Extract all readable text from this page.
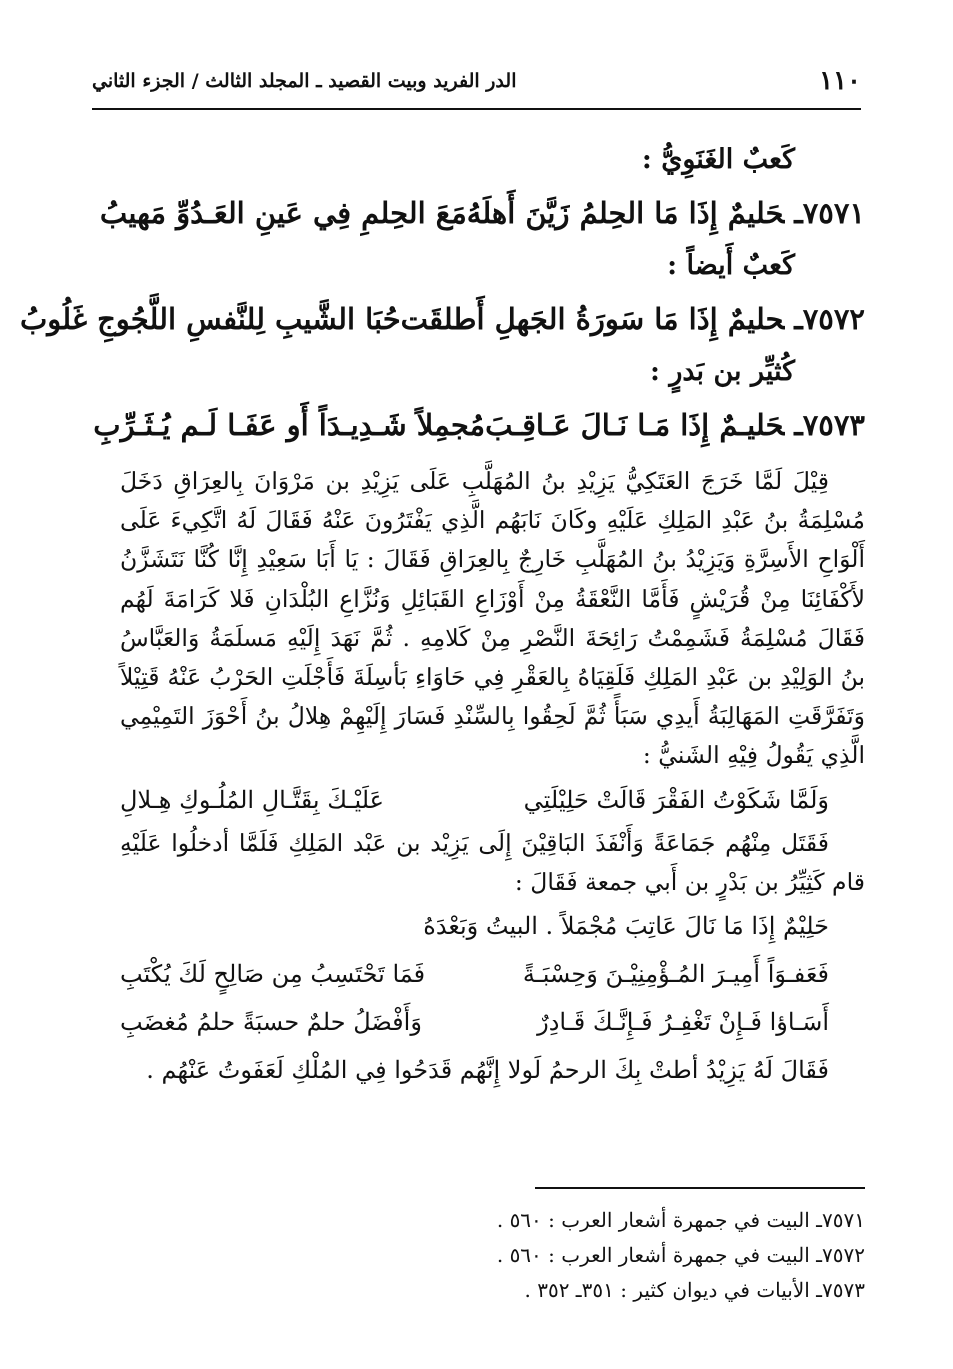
١١٠
الدر الفريد وبيت القصيد ـ المجلد الثالث / الجزء الثاني
كَعبٌ الغَنَوِيُّ :
٧٥٧١ـحَليمٌ إِذَا مَا الحِلمُ زَيَّنَ أَهلَهُ
مَعَ الحِلمِ فِي عَينِ العَـدُوِّ مَهيبُ
كَعبٌ أَيضاً :
٧٥٧٢ـحليمٌ إِذَا مَا سَورَةُ الجَهلِ أَطلقَت
حُبَا الشَّيبِ لِلنَّفسِ اللَّجُوجِ غَلُوبُ
كُثيِّر بن بَدرٍ :
٧٥٧٣ـحَليـمٌ إِذَا مَـا نَـالَ عَـاقِـبَ
مُجمِلاً شَـدِيـدَاً أَو عَفَـا لَـم يُـثَـرِّبِ

قِيْلَ لَمَّا خَرَجَ العَتَكِيُّ يَزِيْدِ بنُ المُهَلَّبِ عَلَى يَزِيْدِ بن مَرْوَانَ بِالعِرَاقِ دَخَلَ مُسْلِمَةُ بنُ عَبْدِ المَلِكِ عَلَيْهِ وكَانَ نَابَهُم الَّذِي يَفْتَرُونَ عَنْهُ فَقَالَ لَهُ اتَّكِيءَ عَلَى أَلْوَاحِ الأَسِرَّةِ وَيَزِيْدُ بنُ المُهَلَّبِ خَارِجٌ بِالعِرَاقِ فَقَالَ : يَا أَبَا سَعِيْدِ إِنَّا كُنَّا نَتَشَزَّنُ لأَكْفَائِنَا مِنْ قُرَيْشٍ فَأَمَّا النَّعْقَةُ مِنْ أَوْزَاعِ القَبَائِلِ وَنُزَّاعِ البُلْدَانِ فَلا كَرَامَةَ لَهُم فَقَالَ مُسْلِمَةُ فَشَمِمْتُ رَائِحَةَ النَّصْرِ مِنْ كَلامِهِ . ثُمَّ نَهَدَ إِلَيْهِ مَسلَمَةُ وَالعَبَّاسُ بنُ الوَلِيْدِ بن عَبْدِ المَلِكِ فَلَقِيَاهُ بِالعَقْرِ فِي حَاوَاءِ بَأسِلَةَ فَأَجْلَتِ الحَرْبُ عَنْهُ قَتِيْلاً وَتَفَرَّقَتِ المَهَالِبَةُ أَيدِي سَبَأً ثُمَّ لَحِقُوا بِالسِّنْدِ فَسَارَ إِلَيْهِمْ هِلالُ بنُ أَحْوَزَ التَمِيْمِي الَّذِي يَقُولُ فِيْهِ الشَنيُّ :

وَلَمَّا شَكَوْتُ الفَقْرَ قَالَتْ حَلِيْلَتِي
عَلَيْـكَ بِقَتَّـالِ المُلُـوكِ هِـلالِ

فَقَتَل مِنْهُم جَمَاعَةً وَأَنْفَذَ البَاقِيْنَ إِلَى يَزِيْد بن عَبْد المَلِكِ فَلَمَّا أدخلُوا عَلَيْهِ قام كَثِيِّرُ بن بَدْرٍ بن أَبي جمعة فَقَالَ :

حَلِيْمٌ إِذَا مَا نَالَ عَاتِبَ مُجْمَلاً . البيتُ وَبَعْدَهُ
فَعَفـوَاً أَمِيـرَ المُـؤْمِنِيْـنَ وَحِسْبَـةً
فَمَا تَحْتَسِبُ مِن صَالِحٍ لَكَ يُكْتَبِ
أَسَـاؤا فَـإِنْ تَغْفِـرُ فَـإِنَّـكَ قَـادِرٌ
وَأَفْضَلُ حلمٌ حسبَةً حلمُ مُغضَبِ
فَقَالَ لَهُ يَزِيْدُ أطتْ بِكَ الرحمُ لَولا إِنَّهُم قَدَحُوا فِي المُلْكِ لَعَفَوتُ عَنْهُم .
٧٥٧١ـ البيت في جمهرة أشعار العرب : ٥٦٠ .
٧٥٧٢ـ البيت في جمهرة أشعار العرب : ٥٦٠ .
٧٥٧٣ـ الأبيات في ديوان كثير : ٣٥١ـ ٣٥٢ .
